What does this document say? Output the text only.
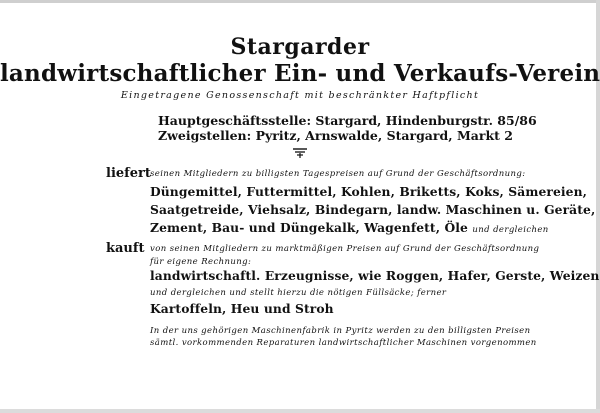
Stargarder
landwirtschaftlicher Ein- und Verkaufs-Verein
Eingetragene Genossenschaft mit beschränkter Haftpflicht
Hauptgeschäftsstelle: Stargard, Hindenburgstr. 85/86
Zweigstellen: Pyritz, Arnswalde, Stargard, Markt 2
liefert seinen Mitgliedern zu billigsten Tagespreisen auf Grund der Geschäftsordnung:
Düngemittel, Futtermittel, Kohlen, Briketts, Koks, Sämereien,
Saatgetreide, Viehsalz, Bindegarn, landw. Maschinen u. Geräte,
Zement, Bau- und Düngekalk, Wagenfett, Öle und dergleichen
kauft von seinen Mitgliedern zu marktmäßigen Preisen auf Grund der Geschäftsordnung
für eigene Rechnung:
landwirtschaftl. Erzeugnisse, wie Roggen, Hafer, Gerste, Weizen
und dergleichen und stellt hierzu die nötigen Füllsäcke; ferner
Kartoffeln, Heu und Stroh
In der uns gehörigen Maschinenfabrik in Pyritz werden zu den billigsten Preisen
sämtl. vorkommenden Reparaturen landwirtschaftlicher Maschinen vorgenommen
